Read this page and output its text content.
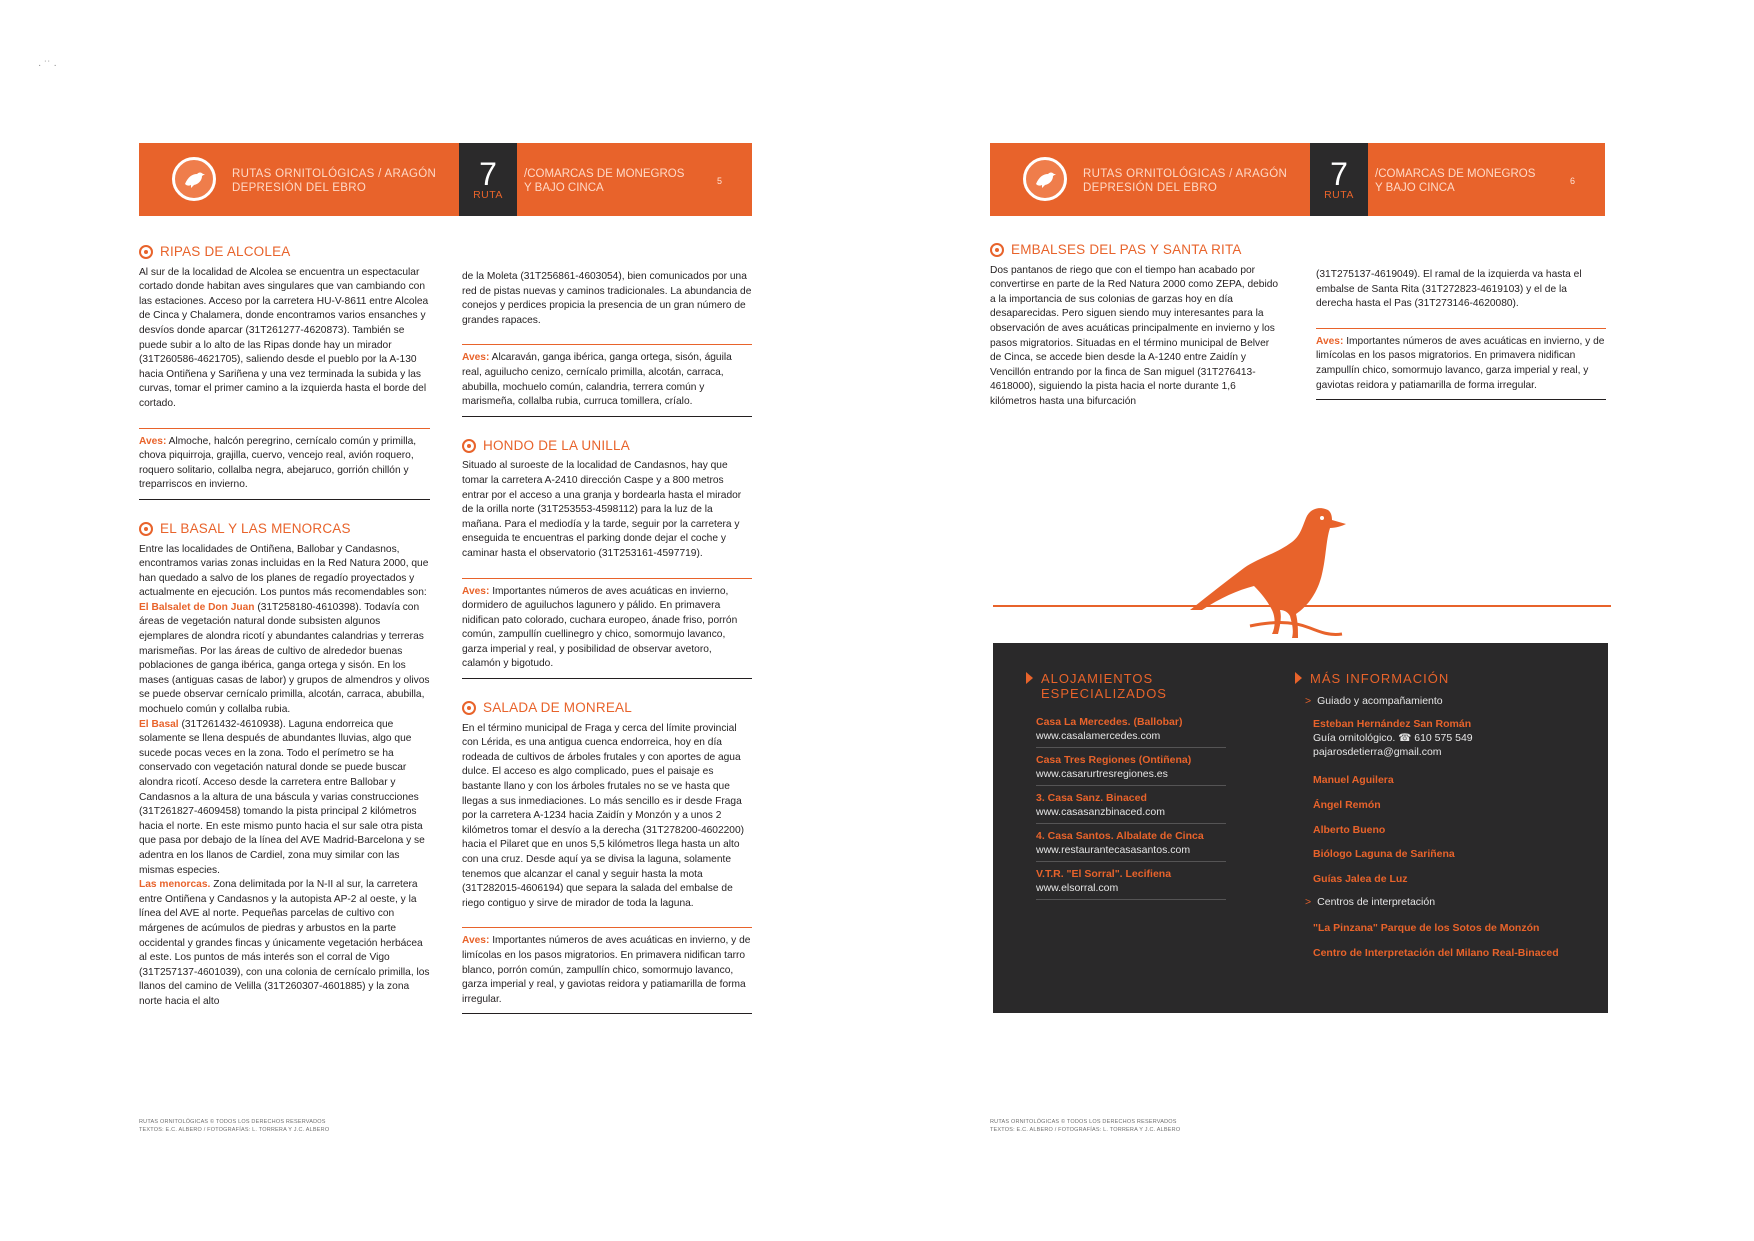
· ˙˙ ·
RUTAS ORNITOLÓGICAS / ARAGÓN
DEPRESIÓN DEL EBRO	7
RUTA
/COMARCAS DE MONEGROS
Y BAJO CINCA
5
RIPAS DE ALCOLEA

Al sur de la localidad de Alcolea se encuentra un espectacular cortado donde habitan aves singulares que van cambiando con las estaciones. Acceso por la carretera HU-V-8611 entre Alcolea de Cinca y Chalamera, donde encontramos varios ensanches y desvíos donde aparcar (31T261277-4620873). También se puede subir a lo alto de las Ripas donde hay un mirador (31T260586-4621705), saliendo desde el pueblo por la A-130 hacia Ontiñena y Sariñena y una vez terminada la subida y las curvas, tomar el primer camino a la izquierda hasta el borde del cortado.

Aves: Almoche, halcón peregrino, cernícalo común y primilla, chova piquirroja, grajilla, cuervo, vencejo real, avión roquero, roquero solitario, collalba negra, abejaruco, gorrión chillón y treparriscos en invierno.
EL BASAL Y LAS MENORCAS

Entre las localidades de Ontiñena, Ballobar y Candasnos, encontramos varias zonas incluidas en la Red Natura 2000, que han quedado a salvo de los planes de regadío proyectados y actualmente en ejecución. Los puntos más recomendables son:

El Balsalet de Don Juan (31T258180-4610398). Todavía con áreas de vegetación natural donde subsisten algunos ejemplares de alondra ricotí y abundantes calandrias y terreras marismeñas. Por las áreas de cultivo de alrededor buenas poblaciones de ganga ibérica, ganga ortega y sisón. En los mases (antiguas casas de labor) y grupos de almendros y olivos se puede observar cernícalo primilla, alcotán, carraca, abubilla, mochuelo común y collalba rubia.

El Basal (31T261432-4610938). Laguna endorreica que solamente se llena después de abundantes lluvias, algo que sucede pocas veces en la zona. Todo el perímetro se ha conservado con vegetación natural donde se puede buscar alondra ricotí. Acceso desde la carretera entre Ballobar y Candasnos a la altura de una báscula y varias construcciones (31T261827-4609458) tomando la pista principal 2 kilómetros hacia el norte. En este mismo punto hacia el sur sale otra pista que pasa por debajo de la línea del AVE Madrid-Barcelona y se adentra en los llanos de Cardiel, zona muy similar con las mismas especies.

Las menorcas. Zona delimitada por la N-II al sur, la carretera entre Ontiñena y Candasnos y la autopista AP-2 al oeste, y la línea del AVE al norte. Pequeñas parcelas de cultivo con márgenes de acúmulos de piedras y arbustos en la parte occidental y grandes fincas y únicamente vegetación herbácea al este. Los puntos de más interés son el corral de Vigo (31T257137-4601039), con una colonia de cernícalo primilla, los llanos del camino de Velilla (31T260307-4601885) y la zona norte hacia el alto

de la Moleta (31T256861-4603054), bien comunicados por una red de pistas nuevas y caminos tradicionales. La abundancia de conejos y perdices propicia la presencia de un gran número de grandes rapaces.

Aves: Alcaraván, ganga ibérica, ganga ortega, sisón, águila real, aguilucho cenizo, cernícalo primilla, alcotán, carraca, abubilla, mochuelo común, calandria, terrera común y marismeña, collalba rubia, curruca tomillera, críalo.
HONDO DE LA UNILLA

Situado al suroeste de la localidad de Candasnos, hay que tomar la carretera A-2410 dirección Caspe y a 800 metros entrar por el acceso a una granja y bordearla hasta el mirador de la orilla norte (31T253553-4598112) para la luz de la mañana. Para el mediodía y la tarde, seguir por la carretera y enseguida te encuentras el parking donde dejar el coche y caminar hasta el observatorio (31T253161-4597719).

Aves: Importantes números de aves acuáticas en invierno, dormidero de aguiluchos lagunero y pálido. En primavera nidifican pato colorado, cuchara europeo, ánade friso, porrón común, zampullín cuellinegro y chico, somormujo lavanco, garza imperial y real, y posibilidad de observar avetoro, calamón y bigotudo.
SALADA DE MONREAL

En el término municipal de Fraga y cerca del límite provincial con Lérida, es una antigua cuenca endorreica, hoy en día rodeada de cultivos de árboles frutales y con aportes de agua dulce. El acceso es algo complicado, pues el paisaje es bastante llano y con los árboles frutales no se ve hasta que llegas a sus inmediaciones. Lo más sencillo es ir desde Fraga por la carretera A-1234 hacia Zaidín y Monzón y a unos 2 kilómetros tomar el desvío a la derecha (31T278200-4602200) hacia el Pilaret que en unos 5,5 kilómetros llega hasta un alto con una cruz. Desde aquí ya se divisa la laguna, solamente tenemos que alcanzar el canal y seguir hasta la mota (31T282015-4606194) que separa la salada del embalse de riego contiguo y sirve de mirador de toda la laguna.

Aves: Importantes números de aves acuáticas en invierno, y de limícolas en los pasos migratorios. En primavera nidifican tarro blanco, porrón común, zampullín chico, somormujo lavanco, garza imperial y real, y gaviotas reidora y patiamarilla de forma irregular.
RUTAS ORNITOLÓGICAS © TODOS LOS DERECHOS RESERVADOS
TEXTOS: E.C. ALBERO / FOTOGRAFÍAS: L. TORRERA Y J.C. ALBERO
RUTAS ORNITOLÓGICAS / ARAGÓN
DEPRESIÓN DEL EBRO	7
RUTA
/COMARCAS DE MONEGROS
Y BAJO CINCA
6
EMBALSES DEL PAS Y SANTA RITA

Dos pantanos de riego que con el tiempo han acabado por convertirse en parte de la Red Natura 2000 como ZEPA, debido a la importancia de sus colonias de garzas hoy en día desaparecidas. Pero siguen siendo muy interesantes para la observación de aves acuáticas principalmente en invierno y los pasos migratorios. Situadas en el término municipal de Belver de Cinca, se accede bien desde la A-1240 entre Zaidín y Vencillón entrando por la finca de San miguel (31T276413-4618000), siguiendo la pista hacia el norte durante 1,6 kilómetros hasta una bifurcación

(31T275137-4619049). El ramal de la izquierda va hasta el embalse de Santa Rita (31T272823-4619103) y el de la derecha hasta el Pas (31T273146-4620080).

Aves: Importantes números de aves acuáticas en invierno, y de limícolas en los pasos migratorios. En primavera nidifican zampullín chico, somormujo lavanco, garza imperial y real, y gaviotas reidora y patiamarilla de forma irregular.
RUTAS ORNITOLÓGICAS © TODOS LOS DERECHOS RESERVADOS
TEXTOS: E.C. ALBERO / FOTOGRAFÍAS: L. TORRERA Y J.C. ALBERO
ALOJAMIENTOS
ESPECIALIZADOS
Casa La Mercedes. (Ballobar)
www.casalamercedes.com
Casa Tres Regiones (Ontiñena)
www.casarurtresregiones.es
3. Casa Sanz. Binaced
www.casasanzbinaced.com
4. Casa Santos. Albalate de Cinca
www.restaurantecasasantos.com
V.T.R. "El Sorral". Lecifiena
www.elsorral.com
MÁS INFORMACIÓN
> Guiado y acompañamiento
Esteban Hernández San Román
Guía ornitológico. ☎ 610 575 549
pajarosdetierra@gmail.com
Manuel Aguilera
Ángel Remón
Alberto Bueno
Biólogo Laguna de Sariñena
Guías Jalea de Luz
> Centros de interpretación
"La Pinzana" Parque de los Sotos de Monzón
Centro de Interpretación del Milano Real-Binaced
